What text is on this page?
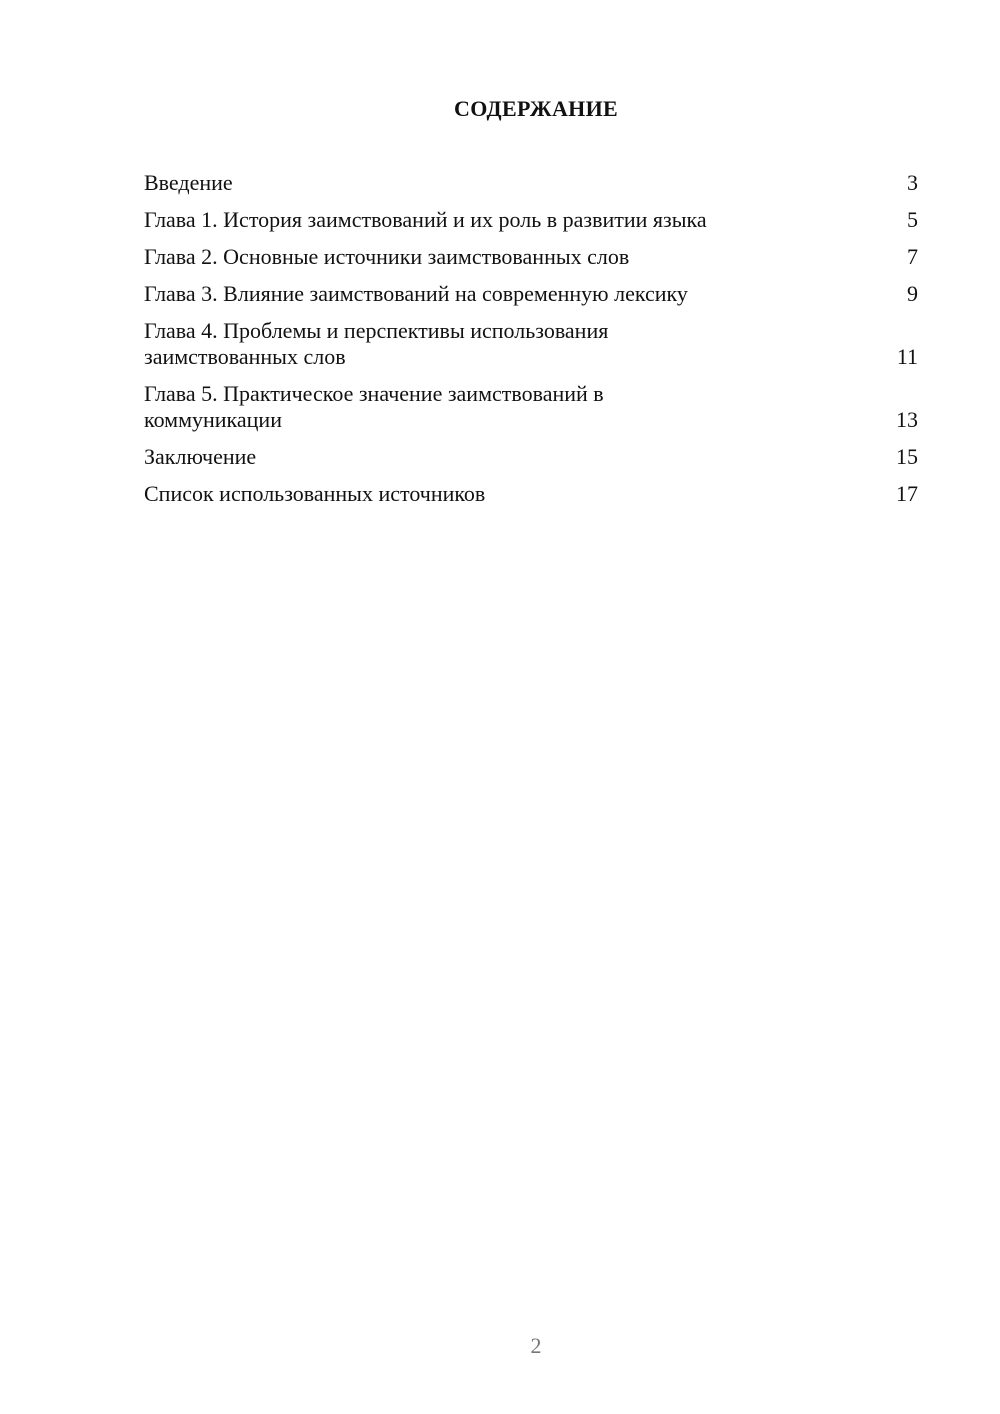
СОДЕРЖАНИЕ
Введение	3
Глава 1. История заимствований и их роль в развитии языка	5
Глава 2. Основные источники заимствованных слов	7
Глава 3. Влияние заимствований на современную лексику	9
Глава 4. Проблемы и перспективы использования
заимствованных слов	11
Глава 5. Практическое значение заимствований в
коммуникации	13
Заключение	15
Список использованных источников	17
2
